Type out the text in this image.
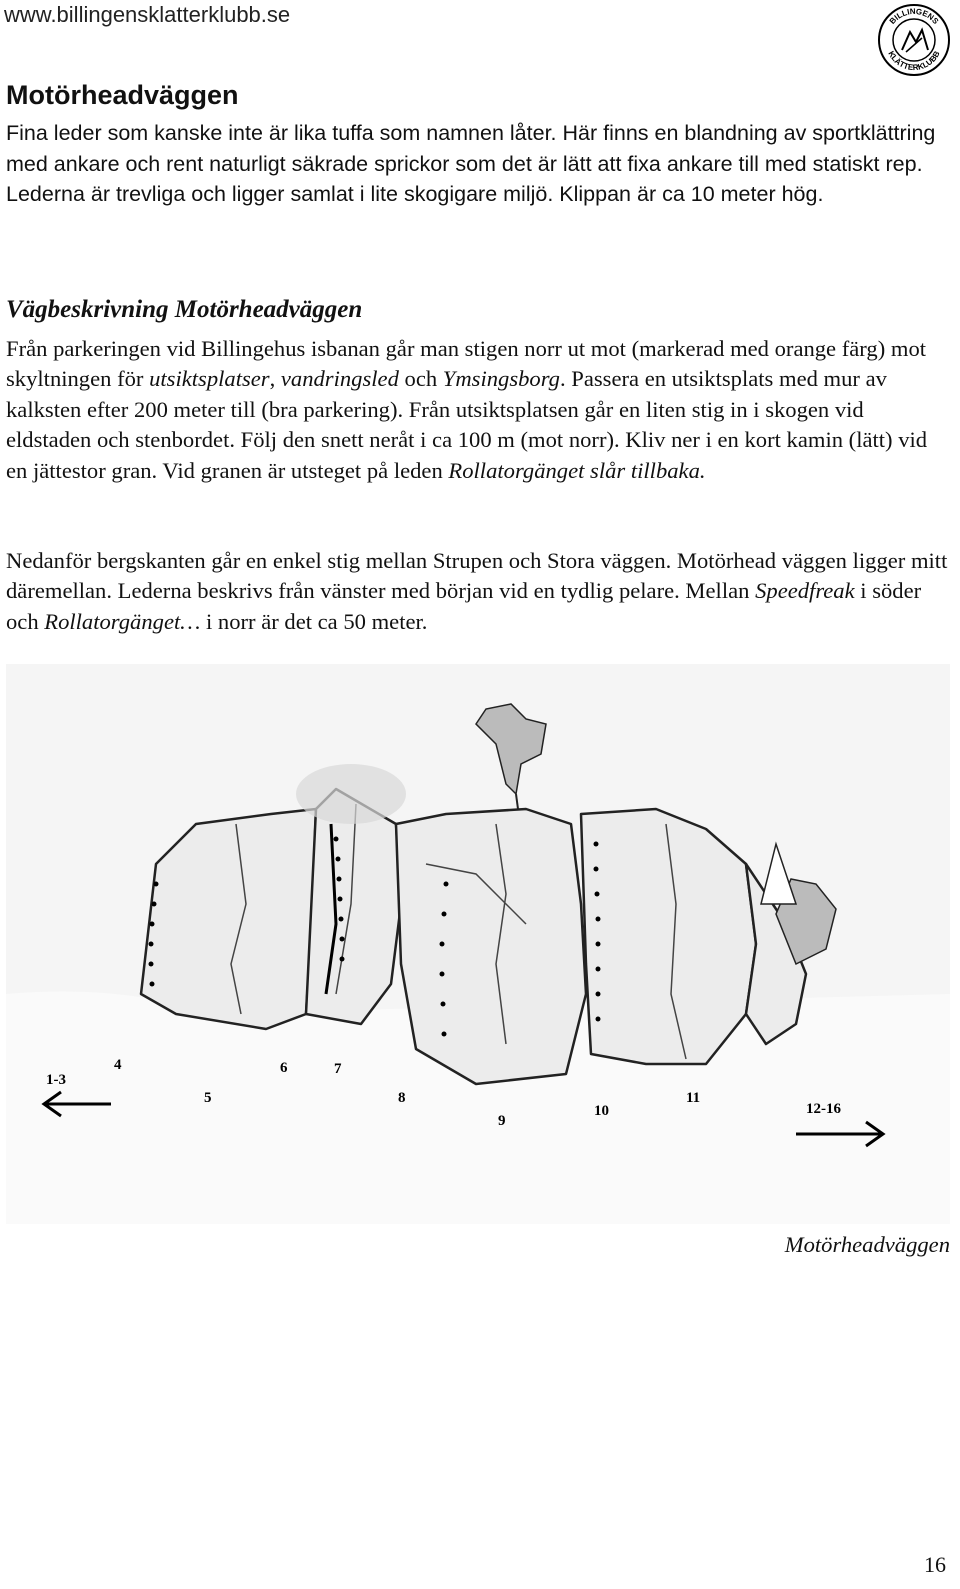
www.billingensklatterklubb.se	BILLINGENS
KLÄTTERKLUBB
Motörheadväggen

Fina leder som kanske inte är lika tuffa som namnen låter. Här finns en blandning av sportklättring med ankare och rent naturligt säkrade sprickor som det är lätt att fixa ankare till med statiskt rep. Lederna är trevliga och ligger samlat i lite skogigare miljö. Klippan är ca 10 meter hög.

Vägbeskrivning Motörheadväggen

Från parkeringen vid Billingehus isbanan går man stigen norr ut mot (markerad med orange färg) mot skyltningen för utsiktsplatser, vandringsled och Ymsingsborg. Passera en utsiktsplats med mur av kalksten efter 200 meter till (bra parkering). Från utsiktsplatsen går en liten stig in i skogen vid eldstaden och stenbordet. Följ den snett neråt i ca 100 m (mot norr). Kliv ner i en kort kamin (lätt) vid en jättestor gran. Vid granen är utsteget på leden Rollatorgänget slår tillbaka.

Nedanför bergskanten går en enkel stig mellan Strupen och Stora väggen. Motörhead väggen ligger mitt däremellan. Lederna beskrivs från vänster med början vid en tydlig pelare. Mellan Speedfreak i söder och Rollatorgänget… i norr är det ca 50 meter.

1-3
4
5
6	7
8
9
10
11
12-16
Motörheadväggen
16
